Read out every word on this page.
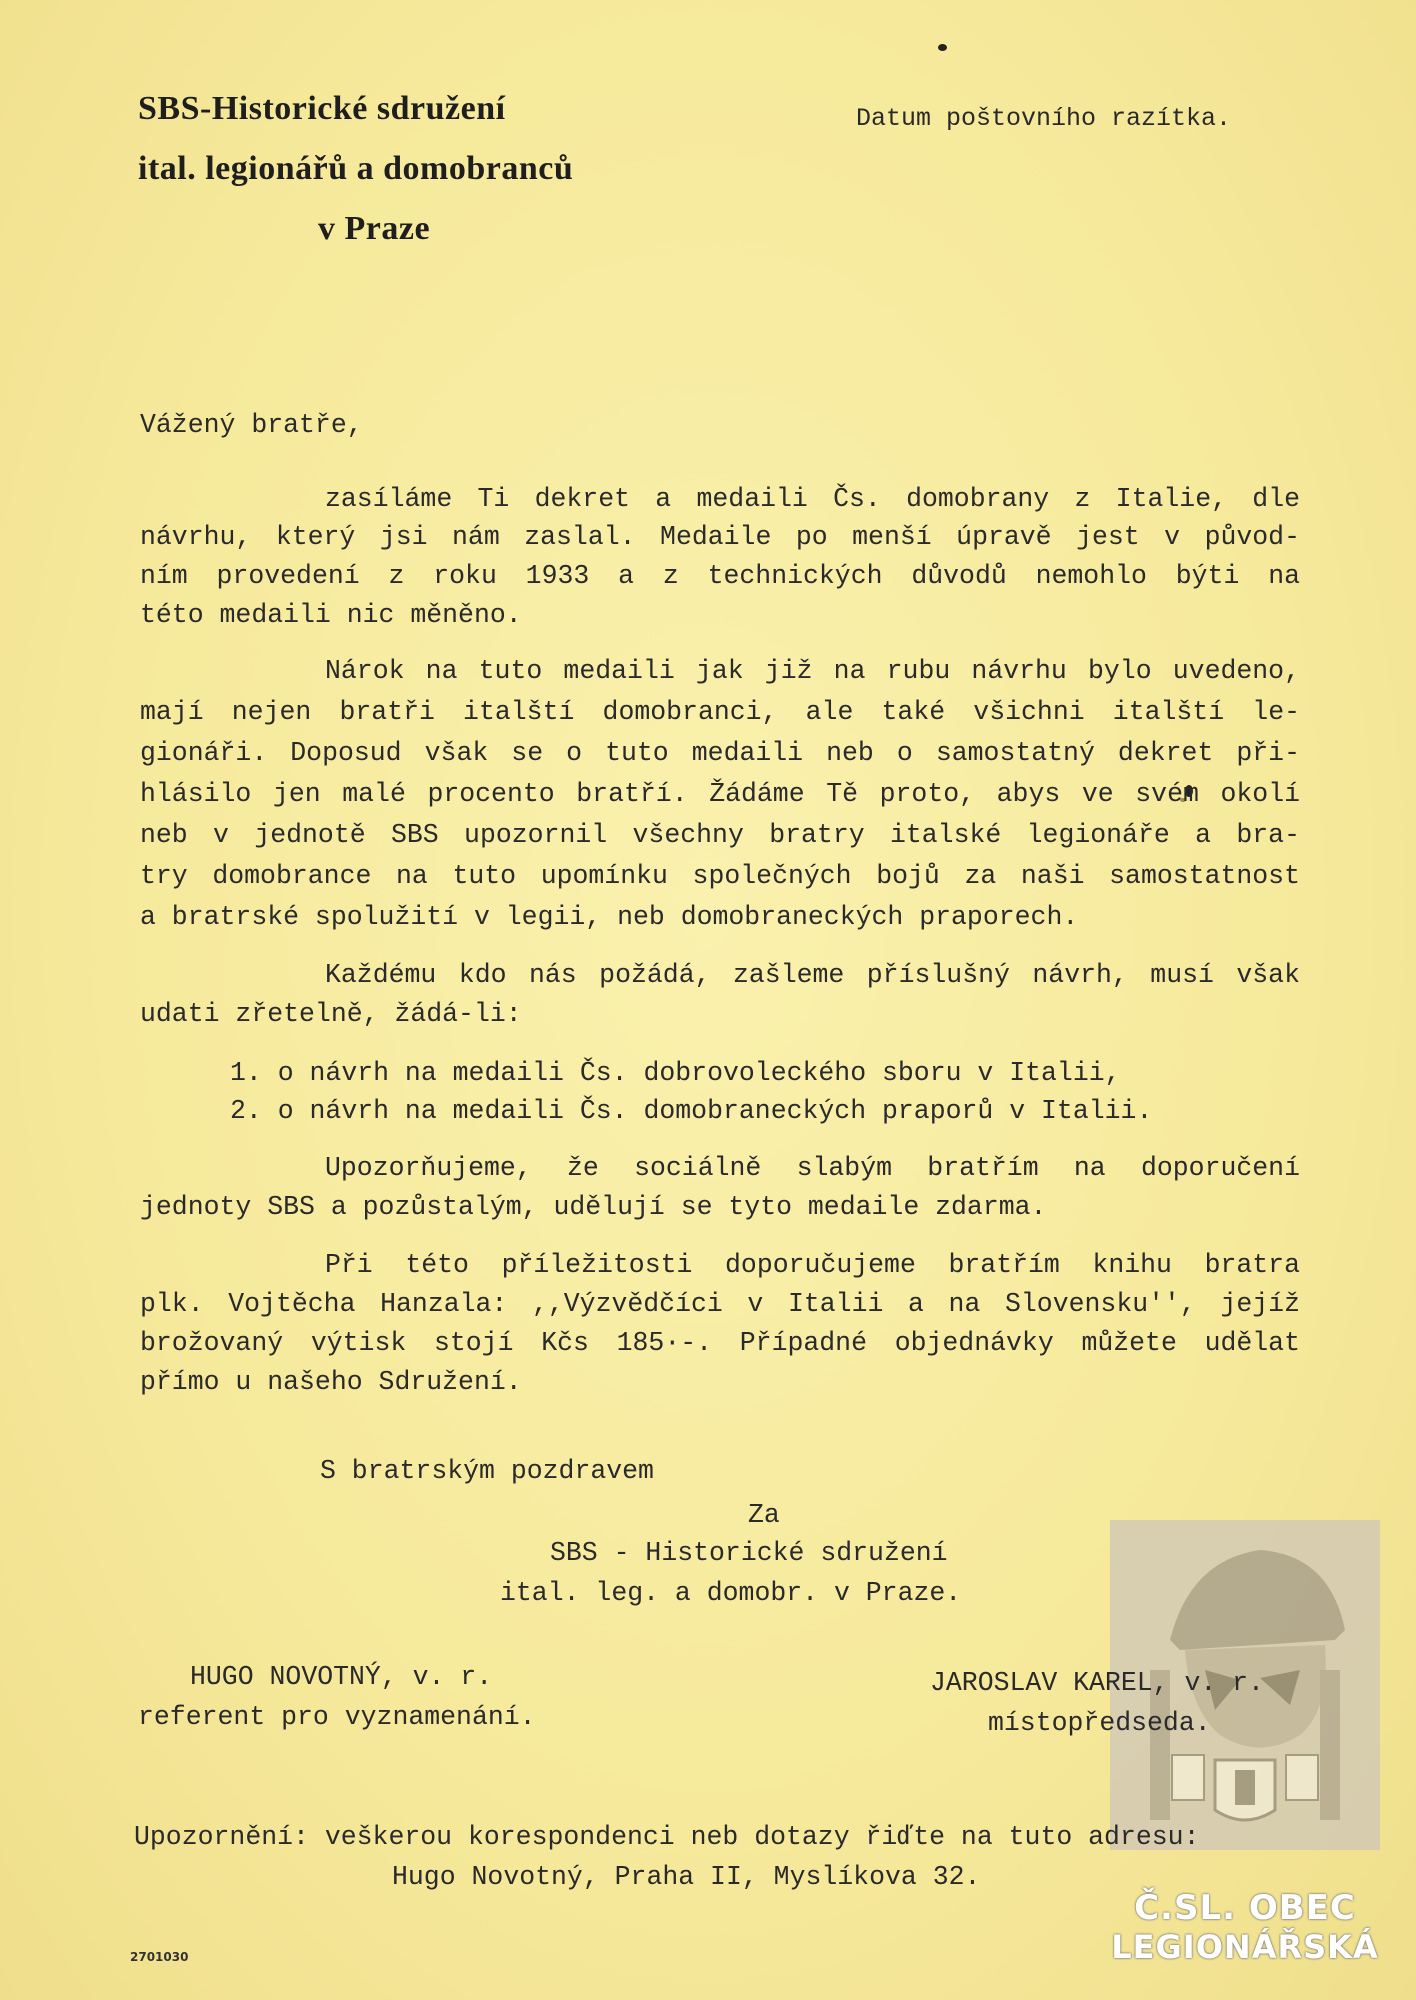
SBS-Historické sdružení
ital. legionářů a domobranců
v Praze
Datum poštovního razítka.
Vážený bratře,
zasíláme Ti dekret a medaili Čs. domobrany z Italie, dle
návrhu, který jsi nám zaslal. Medaile po menší úpravě jest v původ-
ním provedení z roku 1933 a z technických důvodů nemohlo býti na
této medaili nic měněno.
Nárok na tuto medaili jak již na rubu návrhu bylo uvedeno,
mají nejen bratři italští domobranci, ale také všichni italští le-
gionáři. Doposud však se o tuto medaili neb o samostatný dekret při-
hlásilo jen malé procento bratří. Žádáme Tě proto, abys ve svém okolí
neb v jednotě SBS upozornil všechny bratry italské legionáře a bra-
try domobrance na tuto upomínku společných bojů za naši samostatnost
a bratrské spolužití v legii, neb domobraneckých praporech.
Každému kdo nás požádá, zašleme příslušný návrh, musí však
udati zřetelně, žádá-li:
1. o návrh na medaili Čs. dobrovoleckého sboru v Italii,
2. o návrh na medaili Čs. domobraneckých praporů v Italii.
Upozorňujeme, že sociálně slabým bratřím na doporučení
jednoty SBS a pozůstalým, udělují se tyto medaile zdarma.
Při této příležitosti doporučujeme bratřím knihu bratra
plk. Vojtěcha Hanzala: ,,Výzvědčíci v Italii a na Slovensku'', jejíž
brožovaný výtisk stojí Kčs 185·-. Případné objednávky můžete udělat
přímo u našeho Sdružení.
S bratrským pozdravem
Za
SBS - Historické sdružení
ital. leg. a domobr. v Praze.
Č.SL. OBEC
LEGIONÁŘSKÁ
HUGO NOVOTNÝ, v. r.
referent pro vyznamenání.
JAROSLAV KAREL, v. r.
místopředseda.
Upozornění: veškerou korespondenci neb dotazy řiďte na tuto adresu:
Hugo Novotný, Praha II, Myslíkova 32.
2701030
